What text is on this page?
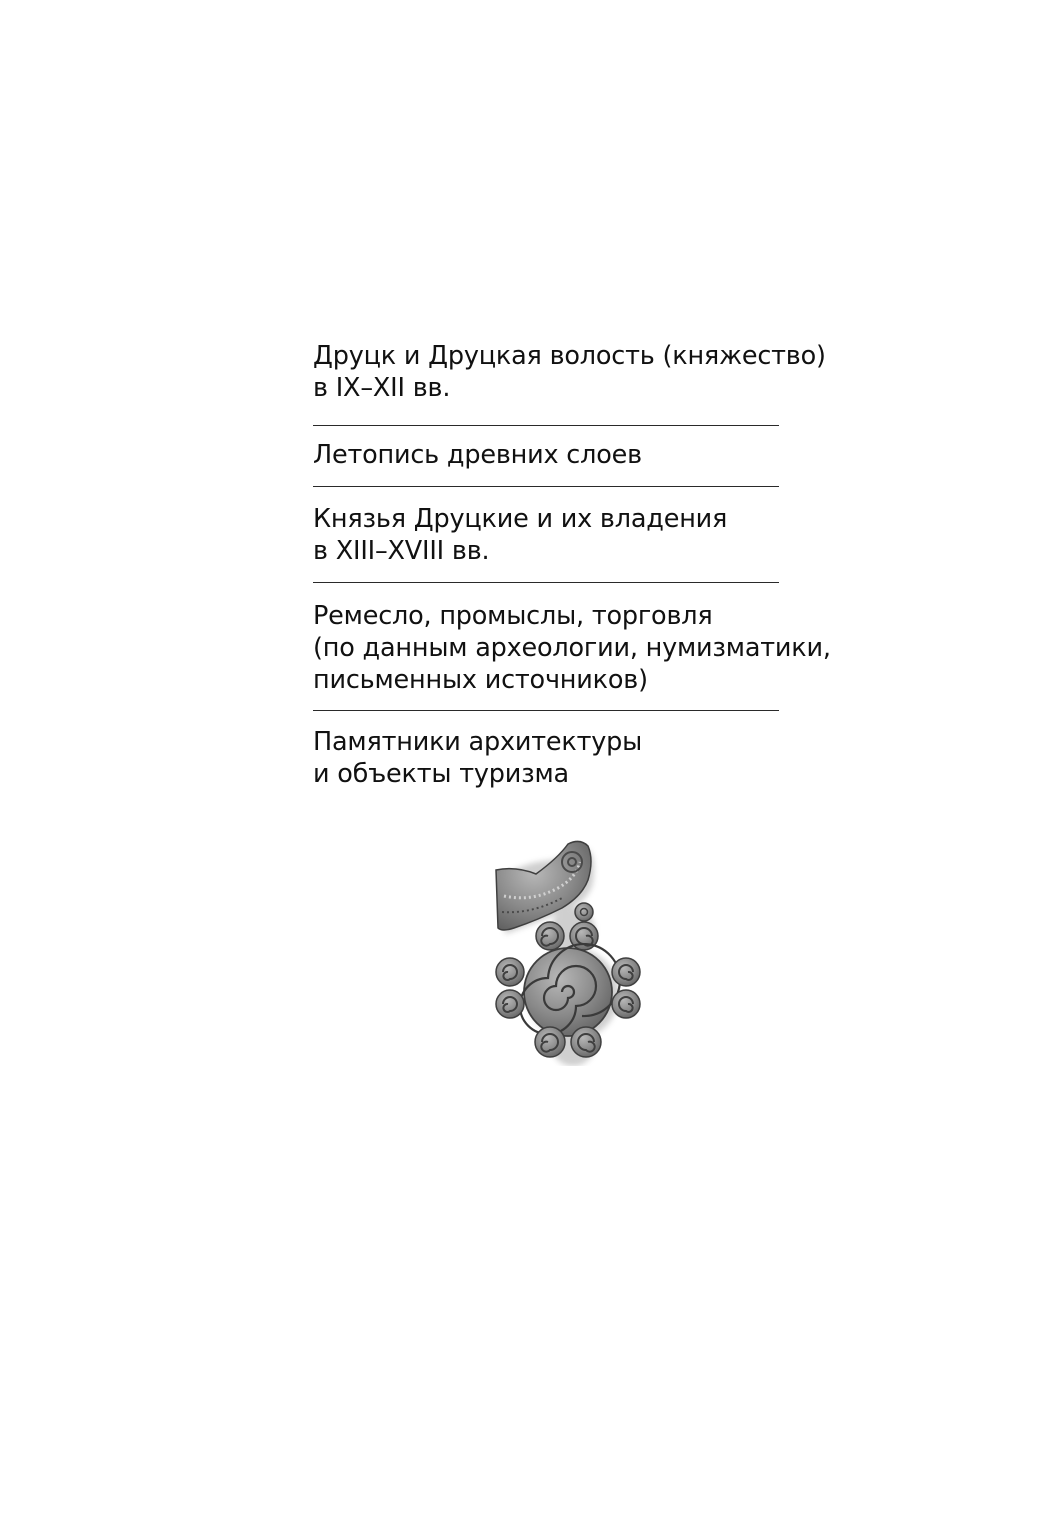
Друцк и Друцкая волость (княжество)
в IX–XII вв.
Летопись древних слоев
Князья Друцкие и их владения
в XIII–XVIII вв.
Ремесло, промыслы, торговля
(по данным археологии, нумизматики,
письменных источников)
Памятники архитектуры
и объекты туризма
